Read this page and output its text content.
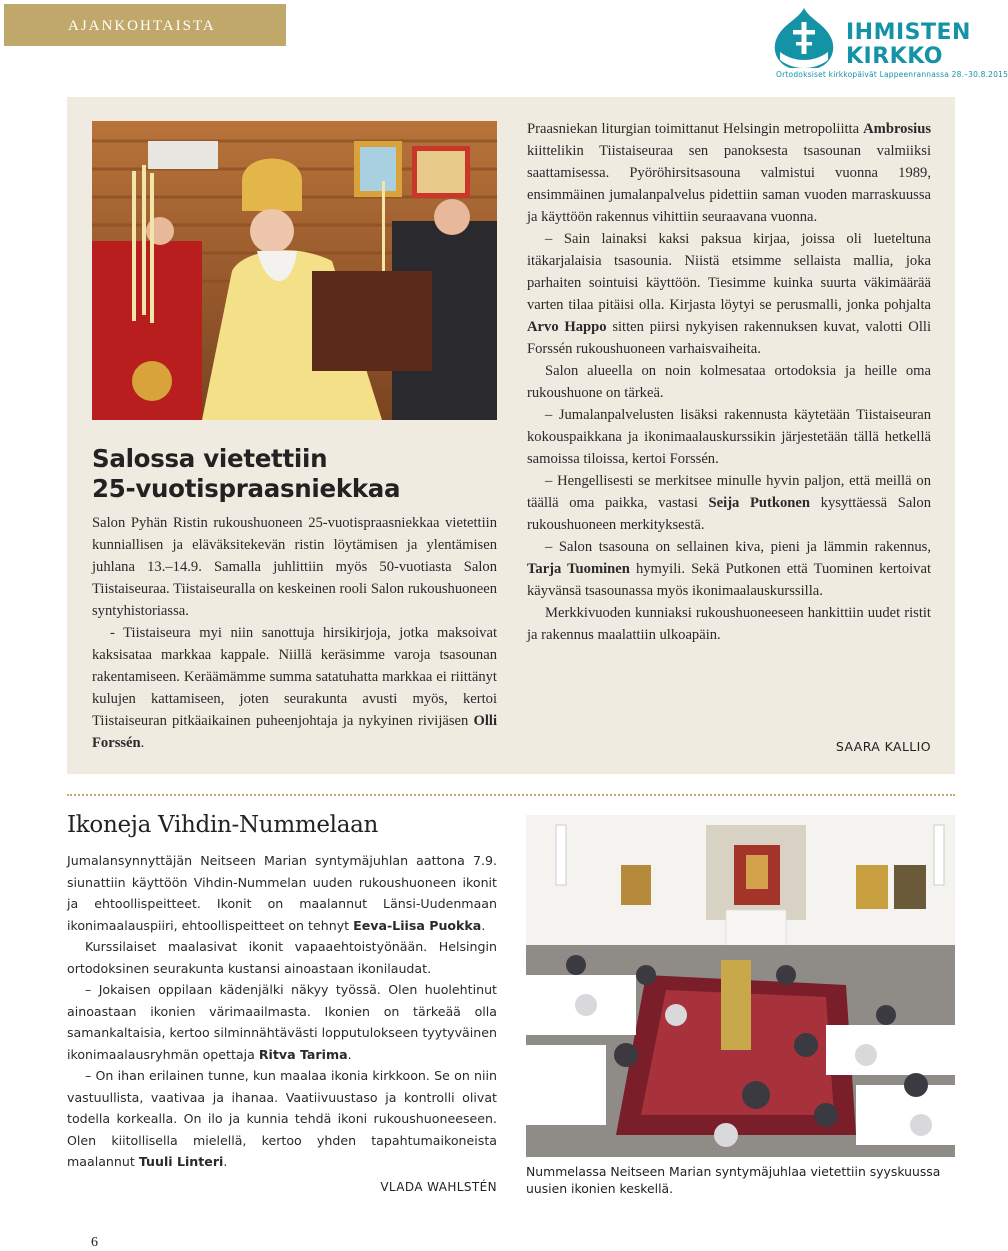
AJANKOHTAISTA	IHMISTEN
KIRKKO
Ortodoksiset kirkkopäivät Lappeenrannassa 28.–30.8.2015
Salossa vietettiin
25-vuotispraasniekkaa

Salon Pyhän Ristin rukoushuoneen 25-vuotispraasniekkaa vietettiin kunniallisen ja eläväksitekevän ristin löytämisen ja ylentämisen juhlana 13.–14.9. Samalla juhlittiin myös 50-vuotiasta Salon Tiistaiseuraa. Tiistaiseuralla on keskeinen rooli Salon rukoushuoneen syntyhistoriassa.

- Tiistaiseura myi niin sanottuja hirsikirjoja, jotka maksoivat kaksisataa markkaa kappale. Niillä keräsimme varoja tsasounan rakentamiseen. Keräämämme summa satatuhatta markkaa ei riittänyt kulujen kattamiseen, joten seurakunta avusti myös, kertoi Tiistaiseuran pitkäaikainen puheenjohtaja ja nykyinen rivijäsen Olli Forssén.

Praasniekan liturgian toimittanut Helsingin metropoliitta Ambrosius kiittelikin Tiistaiseuraa sen panoksesta tsasounan valmiiksi saattamisessa. Pyöröhirsitsasouna valmistui vuonna 1989, ensimmäinen jumalanpalvelus pidettiin saman vuoden marraskuussa ja käyttöön rakennus vihittiin seuraavana vuonna.

– Sain lainaksi kaksi paksua kirjaa, joissa oli lueteltuna itäkarjalaisia tsasounia. Niistä etsimme sellaista mallia, joka parhaiten sointuisi käyttöön. Tiesimme kuinka suurta väkimäärää varten tilaa pitäisi olla. Kirjasta löytyi se perusmalli, jonka pohjalta Arvo Happo sitten piirsi nykyisen rakennuksen kuvat, valotti Olli Forssén rukoushuoneen varhaisvaiheita.

Salon alueella on noin kolmesataa ortodoksia ja heille oma rukoushuone on tärkeä.

– Jumalanpalvelusten lisäksi rakennusta käytetään Tiistaiseuran kokouspaikkana ja ikonimaalauskurssikin järjestetään tällä hetkellä samoissa tiloissa, kertoi Forssén.

– Hengellisesti se merkitsee minulle hyvin paljon, että meillä on täällä oma paikka, vastasi Seija Putkonen kysyttäessä Salon rukoushuoneen merkityksestä.

– Salon tsasouna on sellainen kiva, pieni ja lämmin rakennus, Tarja Tuominen hymyili. Sekä Putkonen että Tuominen kertoivat käyvänsä tsasounassa myös ikonimaalauskurssilla.

Merkkivuoden kunniaksi rukoushuoneeseen hankittiin uudet ristit ja rakennus maalattiin ulkoapäin.

SAARA KALLIO
Ikoneja Vihdin-Nummelaan

Jumalansynnyttäjän Neitseen Marian syntymäjuhlan aattona 7.9. siunattiin käyttöön Vihdin-Nummelan uuden rukoushuoneen ikonit ja ehtoollispeitteet. Ikonit on maalannut Länsi-Uudenmaan ikonimaalauspiiri, ehtoollispeitteet on tehnyt Eeva-Liisa Puokka.

Kurssilaiset maalasivat ikonit vapaaehtoistyönään. Helsingin ortodoksinen seurakunta kustansi ainoastaan ikonilaudat.

– Jokaisen oppilaan kädenjälki näkyy työssä. Olen huolehtinut ainoastaan ikonien värimaailmasta. Ikonien on tärkeää olla samankaltaisia, kertoo silminnähtävästi lopputulokseen tyytyväinen ikonimaalausryhmän opettaja Ritva Tarima.

– On ihan erilainen tunne, kun maalaa ikonia kirkkoon. Se on niin vastuullista, vaativaa ja ihanaa. Vaatiivuustaso ja kontrolli olivat todella korkealla. On ilo ja kunnia tehdä ikoni rukoushuoneeseen. Olen kiitollisella mielellä, kertoo yhden tapahtumaikoneista maalannut Tuuli Linteri.

VLADA WAHLSTÉN

Nummelassa Neitseen Marian syntymäjuhlaa vietettiin syyskuussa uusien ikonien keskellä.

6
